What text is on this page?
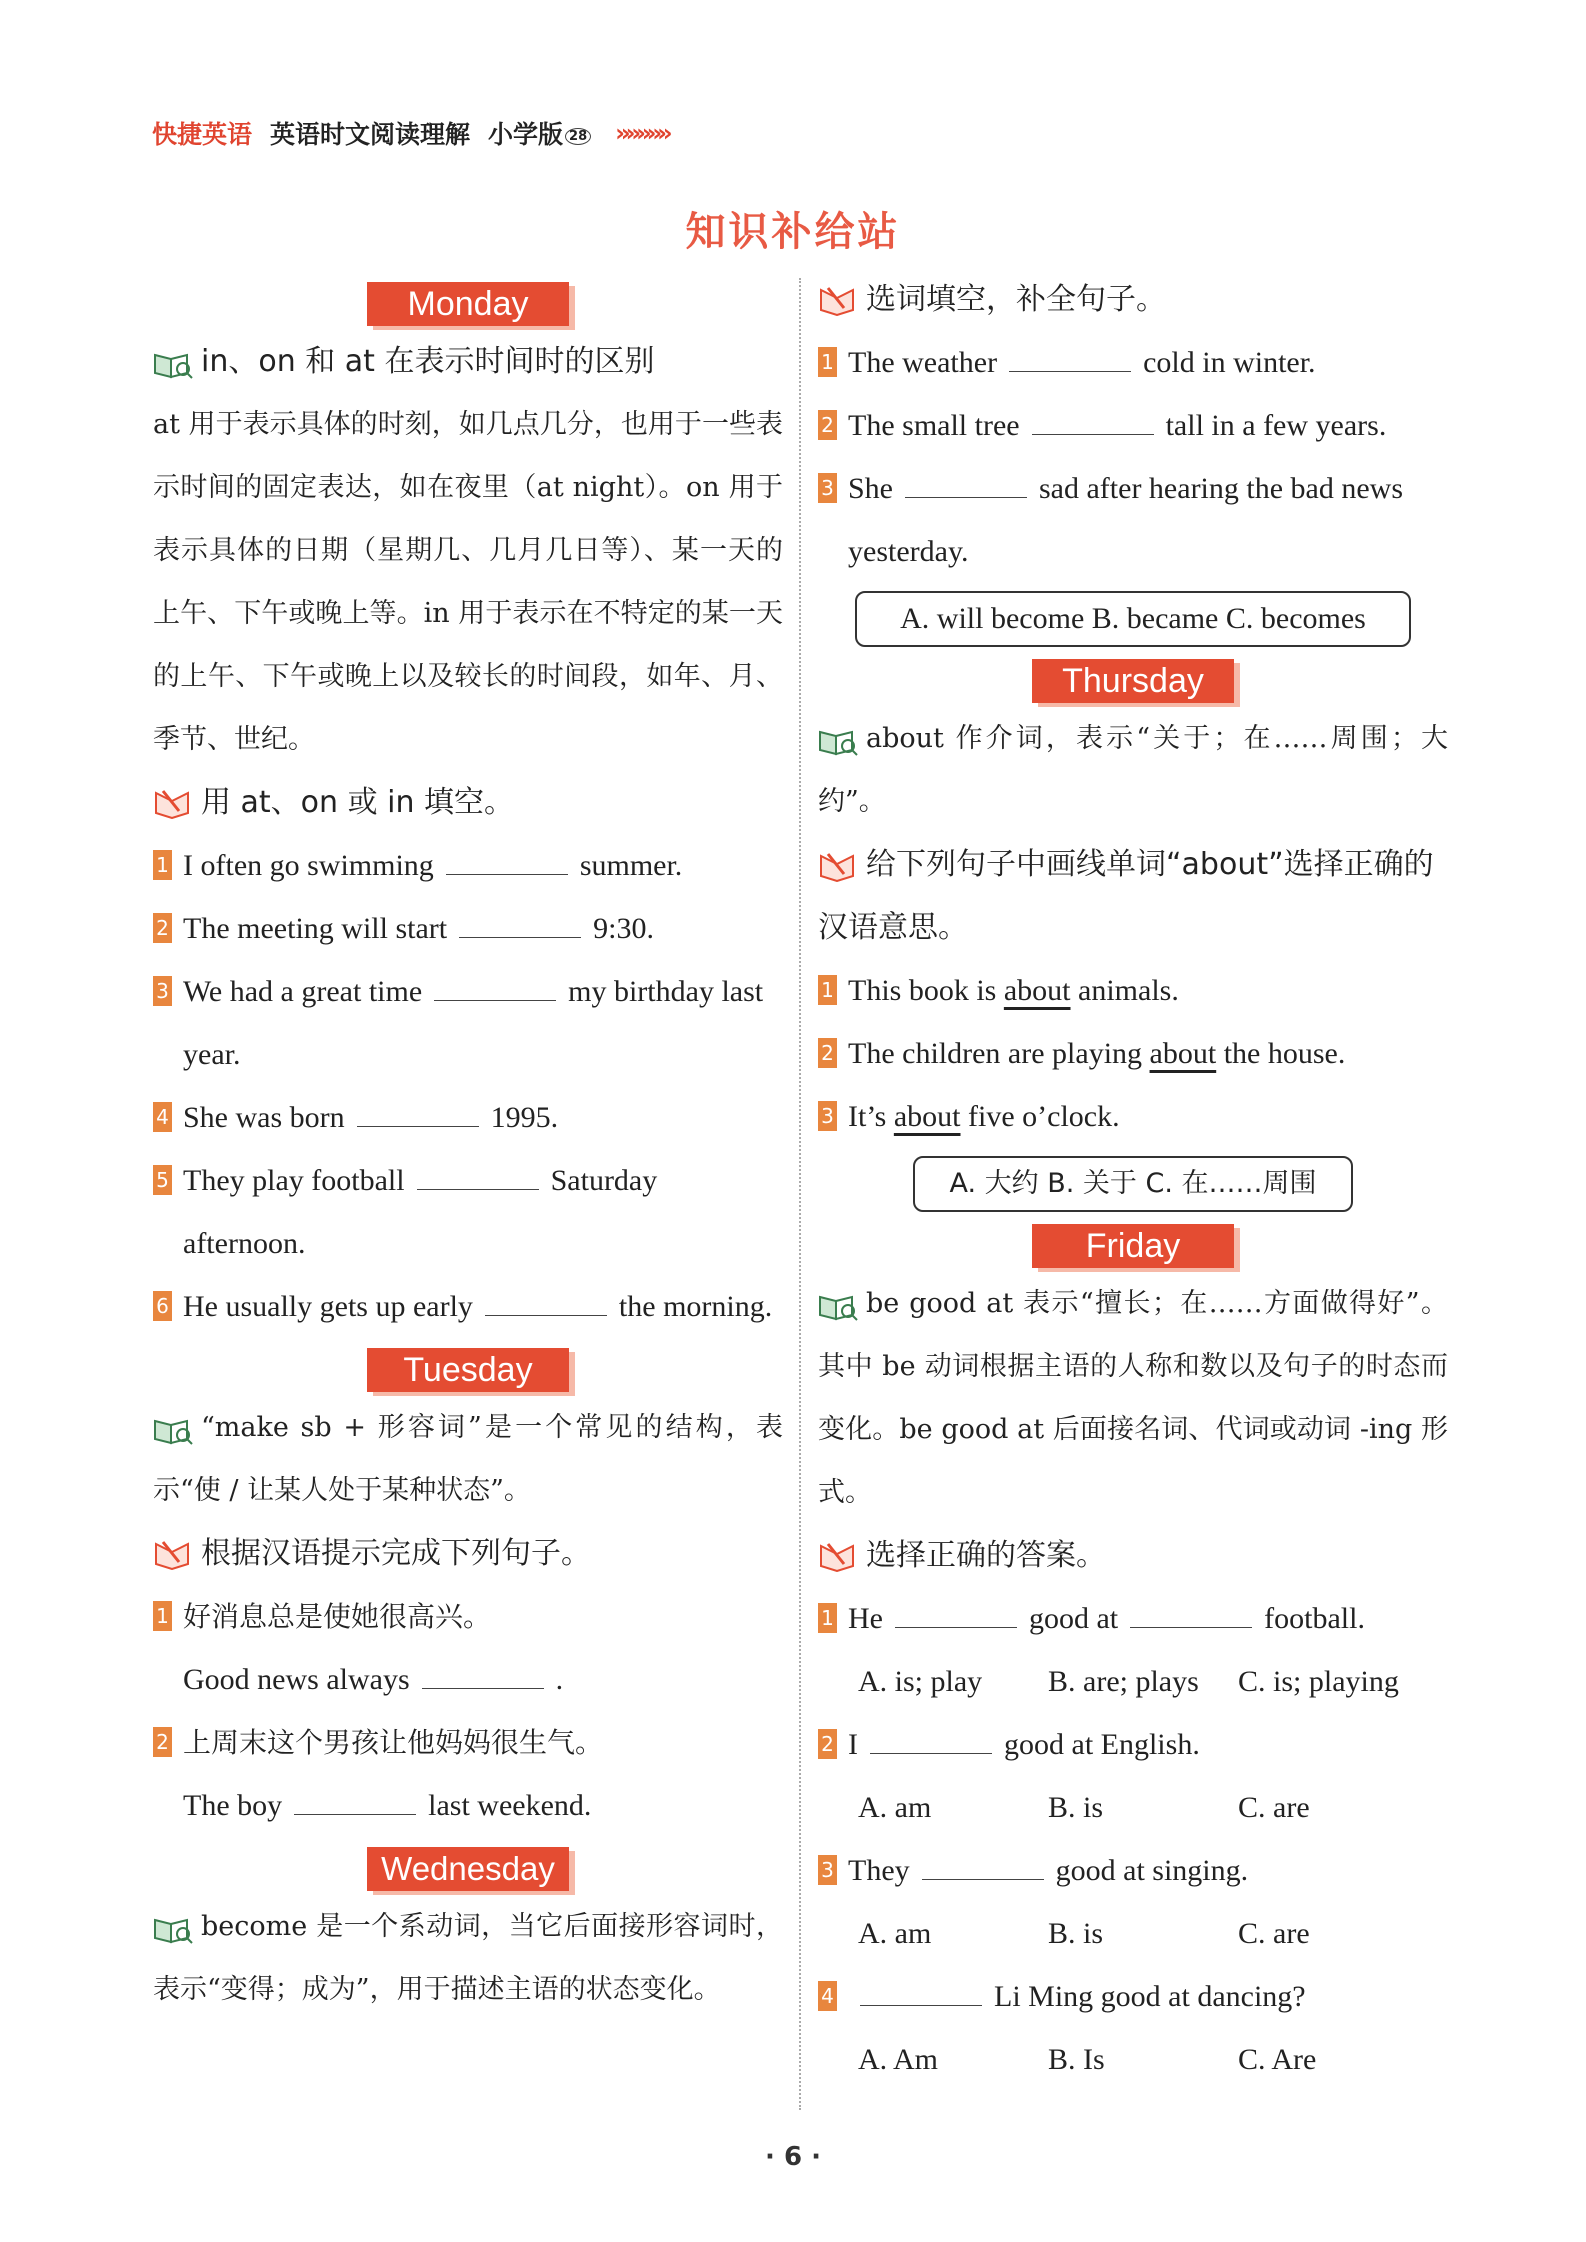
快捷英语 英语时文阅读理解 小学版 28 »»»»»
知识补给站
Monday
in、on 和 at 在表示时间时的区别
at 用于表示具体的时刻，如几点几分，也用于一些表示时间的固定表达，如在夜里（at night）。on 用于表示具体的日期（星期几、几月几日等）、某一天的上午、下午或晚上等。in 用于表示在不特定的某一天的上午、下午或晚上以及较长的时间段，如年、月、季节、世纪。
用 at、on 或 in 填空。
1 I often go swimming	summer.
2 The meeting will start	9:30.
3 We had a great time	my birthday last year.
4 She was born	1995.
5 They play football	Saturday afternoon.
6 He usually gets up early	the morning.
Tuesday
“make sb + 形容词”是一个常见的结构，表示“使 / 让某人处于某种状态”。
根据汉语提示完成下列句子。
1 好消息总是使她很高兴。
Good news always	.
2 上周末这个男孩让他妈妈很生气。
The boy	last weekend.
Wednesday
become 是一个系动词，当它后面接形容词时，表示“变得；成为”，用于描述主语的状态变化。
选词填空，补全句子。
1 The weather	cold in winter.
2 The small tree	tall in a few years.
3 She	sad after hearing the bad news yesterday.
A. will become B. became C. becomes
Thursday
about 作介词，表示“关于；在……周围；大约”。
给下列句子中画线单词“about”选择正确的汉语意思。
1 This book is about animals.
2 The children are playing about the house.
3 It’s about five o’clock.
A. 大约 B. 关于 C. 在……周围
Friday
be good at 表示“擅长；在……方面做得好”。其中 be 动词根据主语的人称和数以及句子的时态而变化。be good at 后面接名词、代词或动词 -ing 形式。
选择正确的答案。
1 He	good at	football.
A. is; play	B. are; plays	C. is; playing
2 I	good at English.
A. am	B. is	C. are
3 They	good at singing.
A. am	B. is	C. are
4	Li Ming good at dancing?
A. Am	B. Is	C. Are
· 6 ·
